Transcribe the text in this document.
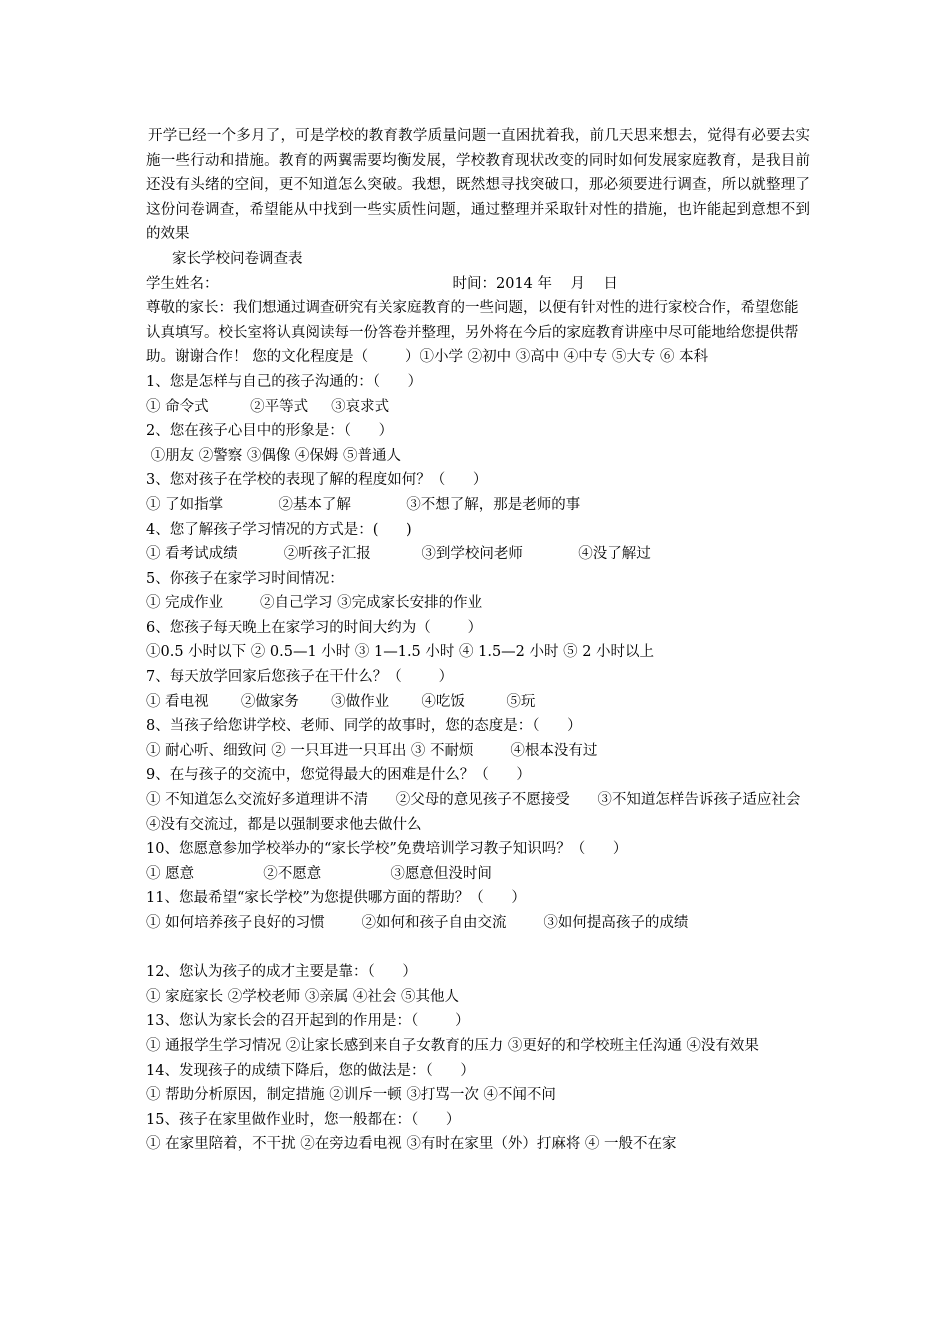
开学已经一个多月了，可是学校的教育教学质量问题一直困扰着我，前几天思来想去，觉得有必要去实施一些行动和措施。教育的两翼需要均衡发展，学校教育现状改变的同时如何发展家庭教育，是我目前还没有头绪的空间，更不知道怎么突破。我想，既然想寻找突破口，那必须要进行调查，所以就整理了这份问卷调查，希望能从中找到一些实质性问题，通过整理并采取针对性的措施，也许能起到意想不到的效果

家长学校问卷调查表

学生姓名：	时间：2014 年    月    日

尊敬的家长：我们想通过调查研究有关家庭教育的一些问题，以便有针对性的进行家校合作，希望您能认真填写。校长室将认真阅读每一份答卷并整理，另外将在今后的家庭教育讲座中尽可能地给您提供帮助。谢谢合作！ 您的文化程度是（        ）①小学 ②初中 ③高中 ④中专 ⑤大专 ⑥ 本科

1、您是怎样与自己的孩子沟通的：（      ）

① 命令式         ②平等式     ③哀求式

2、您在孩子心目中的形象是：（      ）

①朋友 ②警察 ③偶像 ④保姆 ⑤普通人

3、您对孩子在学校的表现了解的程度如何？（      ）

① 了如指掌            ②基本了解            ③不想了解，那是老师的事

4、您了解孩子学习情况的方式是：(      )

① 看考试成绩          ②听孩子汇报           ③到学校问老师            ④没了解过

5、你孩子在家学习时间情况：

① 完成作业        ②自己学习 ③完成家长安排的作业

6、您孩子每天晚上在家学习的时间大约为（        ）

①0.5 小时以下 ② 0.5—1 小时 ③ 1—1.5 小时 ④ 1.5—2 小时 ⑤ 2 小时以上

7、每天放学回家后您孩子在干什么？（        ）

① 看电视       ②做家务       ③做作业       ④吃饭         ⑤玩

8、当孩子给您讲学校、老师、同学的故事时，您的态度是：（      ）

① 耐心听、细致问 ② 一只耳进一只耳出 ③ 不耐烦        ④根本没有过

9、在与孩子的交流中，您觉得最大的困难是什么？（      ）

① 不知道怎么交流好多道理讲不清      ②父母的意见孩子不愿接受      ③不知道怎样告诉孩子适应社会     ④没有交流过，都是以强制要求他去做什么

10、您愿意参加学校举办的“家长学校”免费培训学习教子知识吗？（      ）

① 愿意               ②不愿意               ③愿意但没时间

11、您最希望“家长学校”为您提供哪方面的帮助？（      ）

① 如何培养孩子良好的习惯        ②如何和孩子自由交流        ③如何提高孩子的成绩

12、您认为孩子的成才主要是靠：（      ）

① 家庭家长 ②学校老师 ③亲属 ④社会 ⑤其他人

13、您认为家长会的召开起到的作用是：（        ）

① 通报学生学习情况 ②让家长感到来自子女教育的压力 ③更好的和学校班主任沟通 ④没有效果

14、发现孩子的成绩下降后，您的做法是：（      ）

① 帮助分析原因，制定措施 ②训斥一顿 ③打骂一次 ④不闻不问

15、孩子在家里做作业时，您一般都在：（      ）

① 在家里陪着，不干扰 ②在旁边看电视 ③有时在家里（外）打麻将 ④ 一般不在家
